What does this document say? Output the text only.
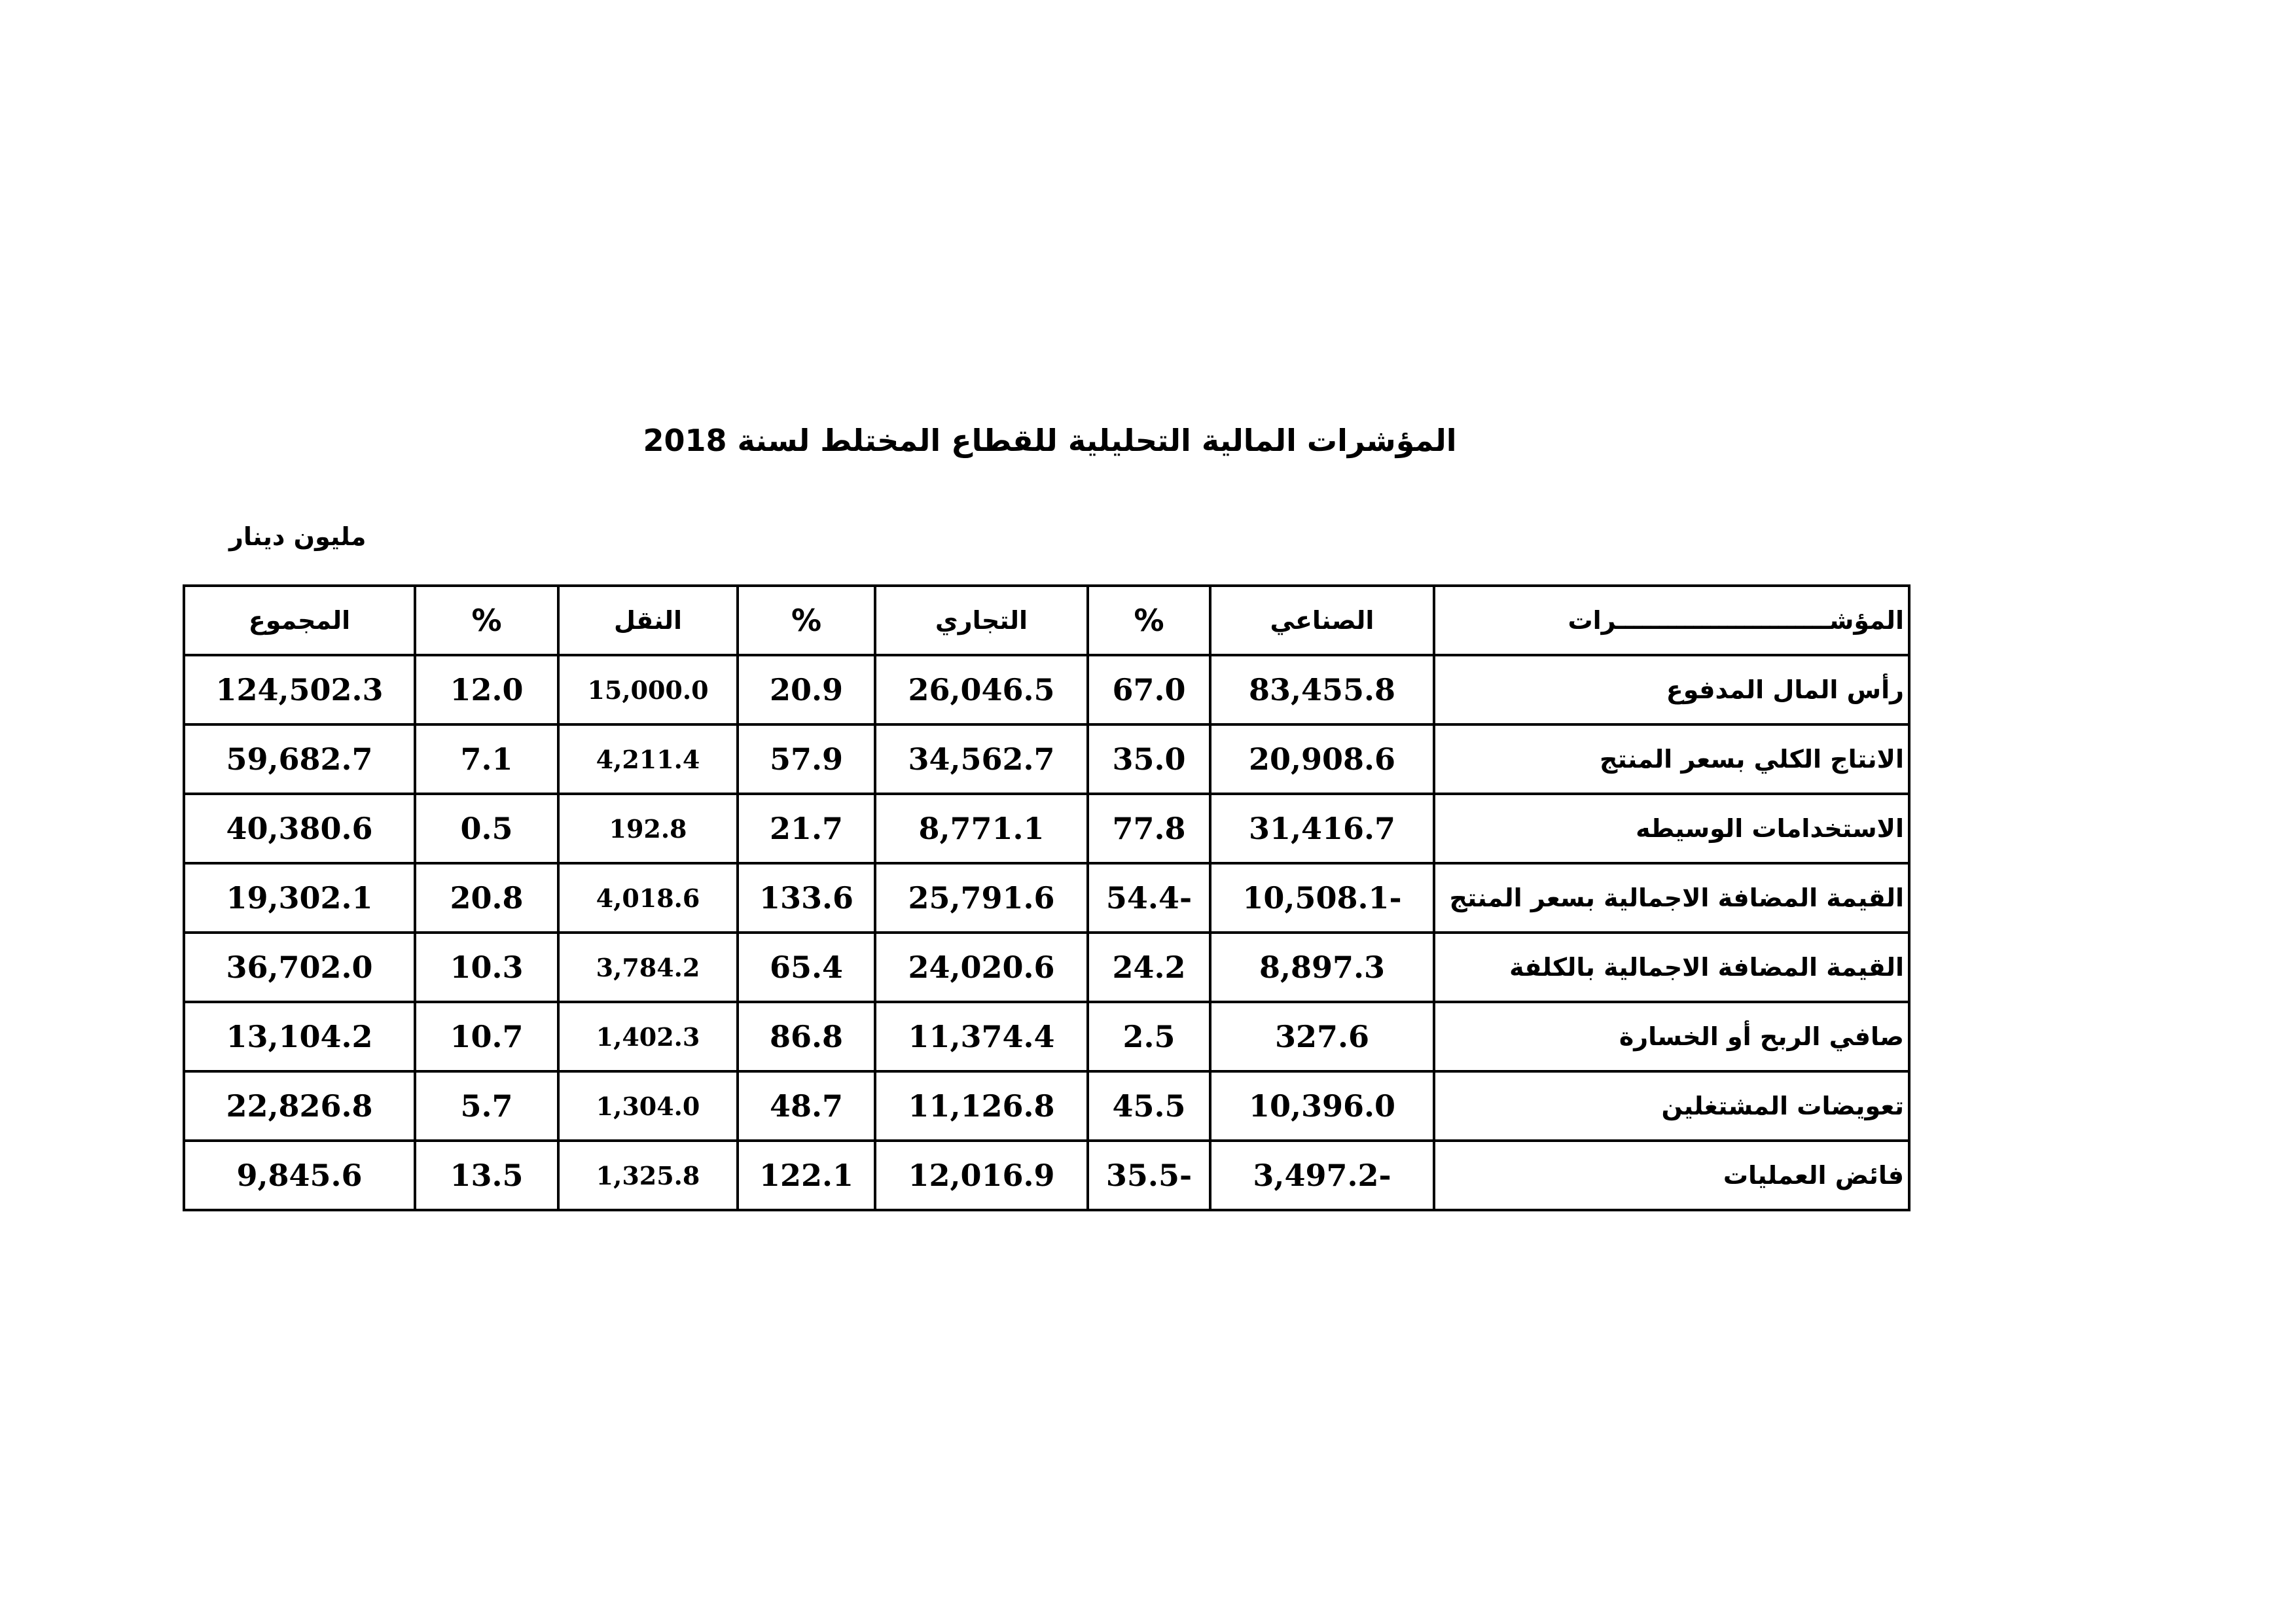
المؤشرات المالية التحليلية للقطاع المختلط لسنة 2018
مليون دينار
المجموع	%	النقل	%	التجاري	%	الصناعي	المؤشـــــــــــــــــــــــــرات
124,502.3	12.0	15,000.0	20.9	26,046.5	67.0	83,455.8	رأس المال المدفوع
59,682.7	7.1	4,211.4	57.9	34,562.7	35.0	20,908.6	الانتاج الكلي بسعر المنتج
40,380.6	0.5	192.8	21.7	8,771.1	77.8	31,416.7	الاستخدامات الوسيطه
19,302.1	20.8	4,018.6	133.6	25,791.6	54.4-	10,508.1-	القيمة المضافة الاجمالية بسعر المنتج
36,702.0	10.3	3,784.2	65.4	24,020.6	24.2	8,897.3	القيمة المضافة الاجمالية بالكلفة
13,104.2	10.7	1,402.3	86.8	11,374.4	2.5	327.6	صافي الربح أو الخسارة
22,826.8	5.7	1,304.0	48.7	11,126.8	45.5	10,396.0	تعويضات المشتغلين
9,845.6	13.5	1,325.8	122.1	12,016.9	35.5-	3,497.2-	فائض العمليات
